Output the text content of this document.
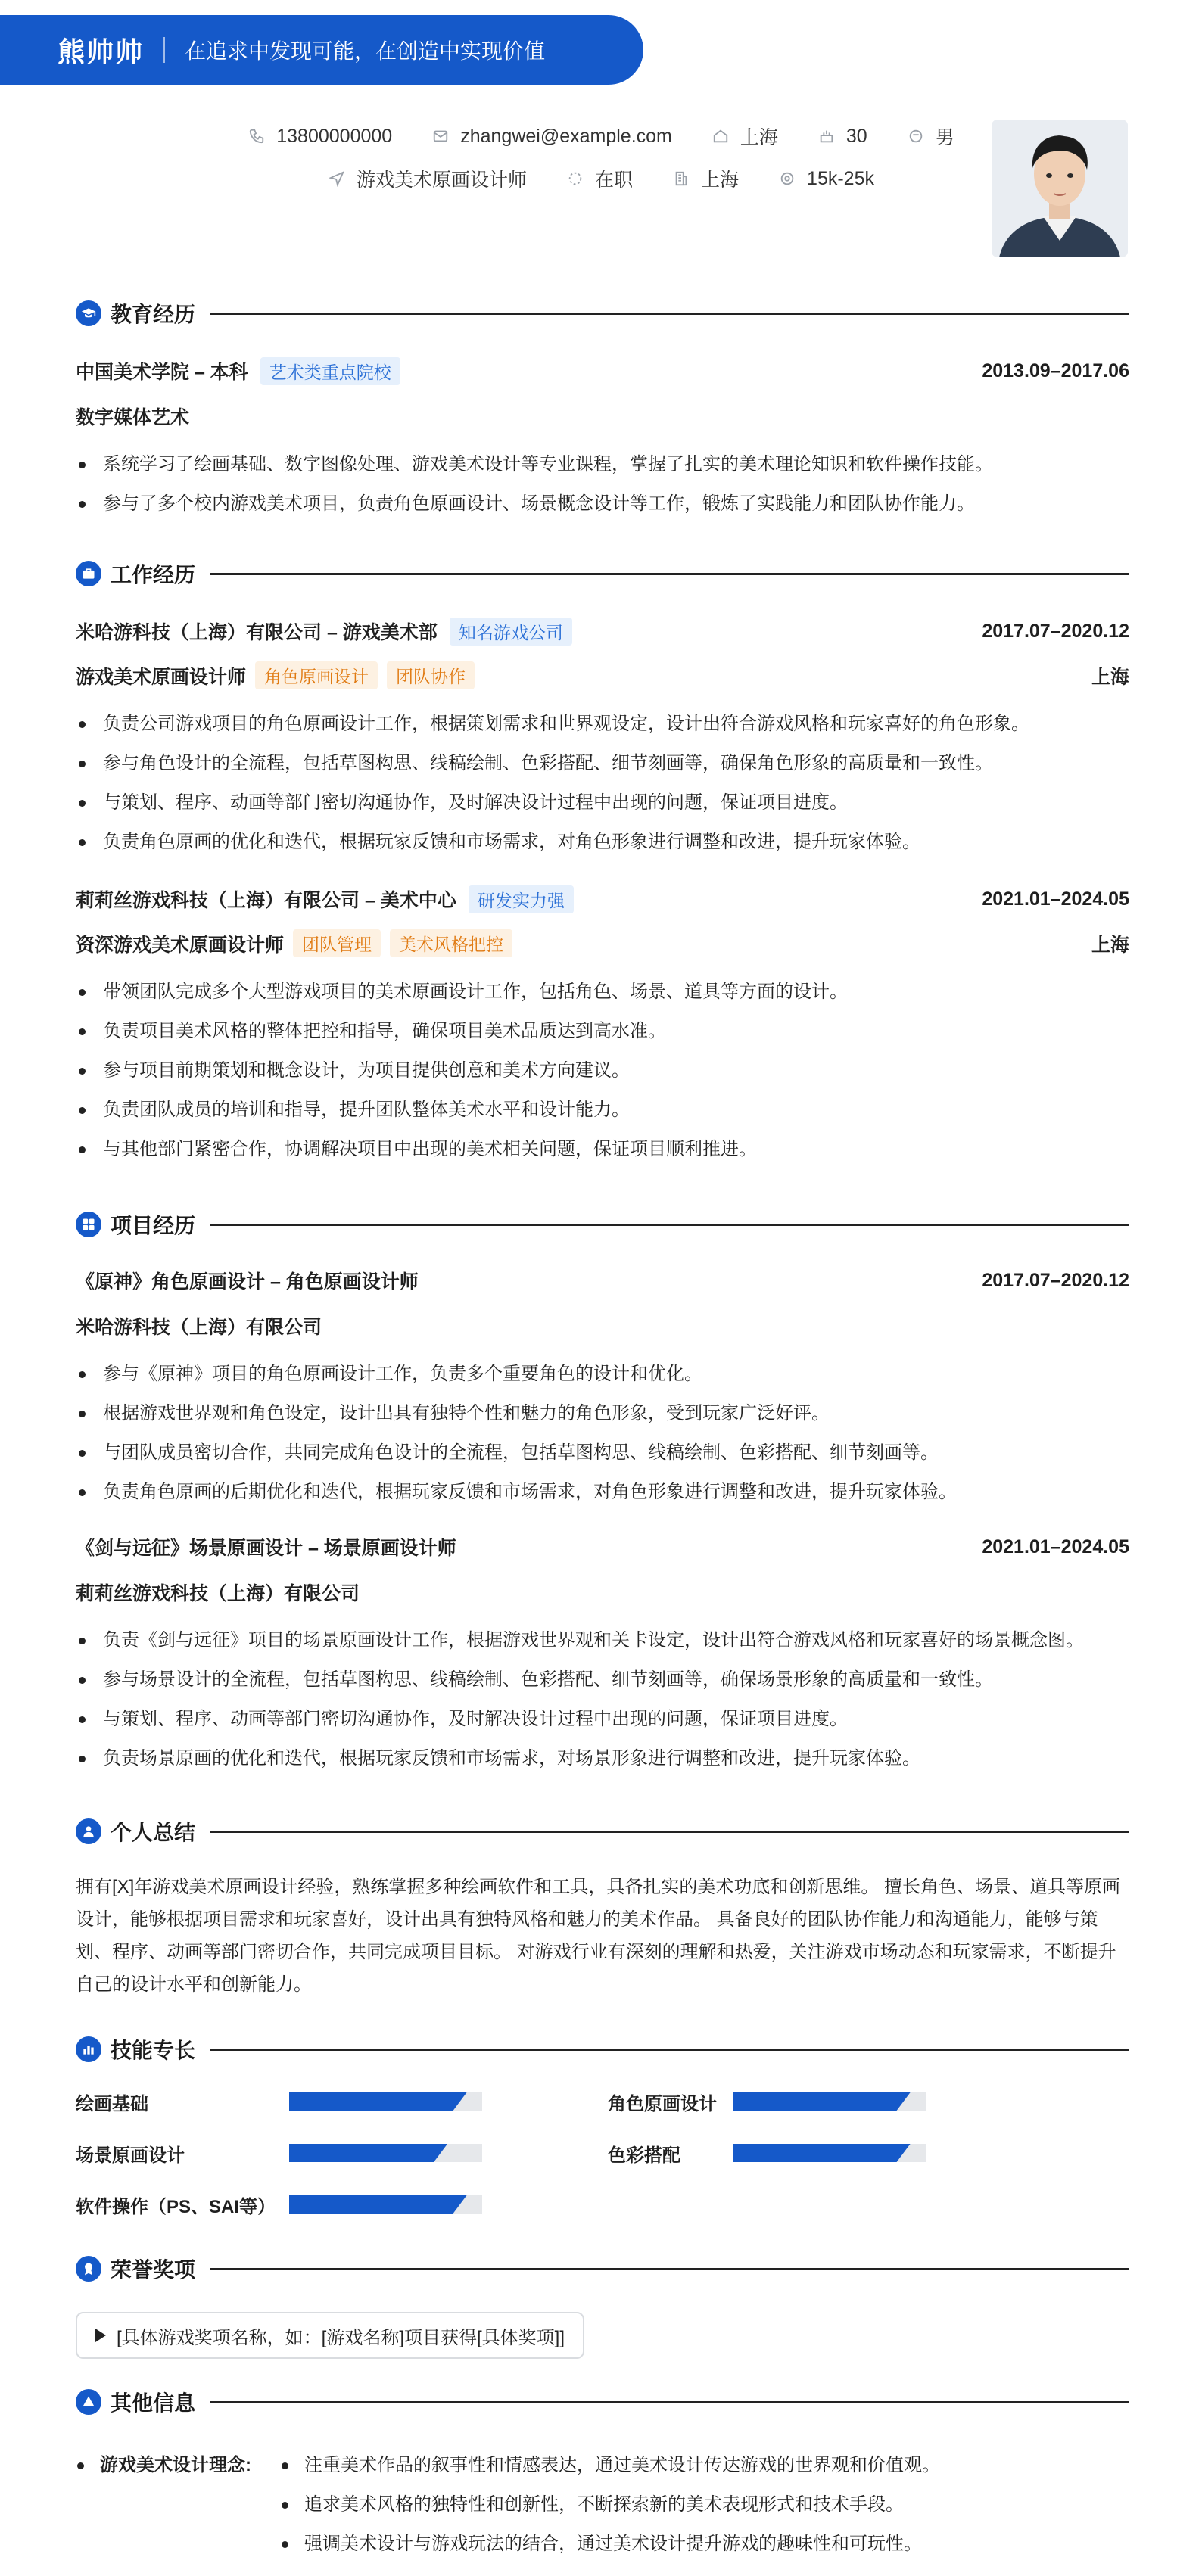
熊帅帅 在追求中发现可能，在创造中实现价值
13800000000	zhangwei@example.com	上海	30	男
游戏美术原画设计师	在职	上海	15k-25k
教育经历
中国美术学院 – 本科	艺术类重点院校	2013.09–2017.06
数字媒体艺术
系统学习了绘画基础、数字图像处理、游戏美术设计等专业课程，掌握了扎实的美术理论知识和软件操作技能。
参与了多个校内游戏美术项目，负责角色原画设计、场景概念设计等工作，锻炼了实践能力和团队协作能力。
工作经历
米哈游科技（上海）有限公司 – 游戏美术部	知名游戏公司	2017.07–2020.12
游戏美术原画设计师	角色原画设计	团队协作	上海
负责公司游戏项目的角色原画设计工作，根据策划需求和世界观设定，设计出符合游戏风格和玩家喜好的角色形象。
参与角色设计的全流程，包括草图构思、线稿绘制、色彩搭配、细节刻画等，确保角色形象的高质量和一致性。
与策划、程序、动画等部门密切沟通协作，及时解决设计过程中出现的问题，保证项目进度。
负责角色原画的优化和迭代，根据玩家反馈和市场需求，对角色形象进行调整和改进，提升玩家体验。
莉莉丝游戏科技（上海）有限公司 – 美术中心	研发实力强	2021.01–2024.05
资深游戏美术原画设计师	团队管理	美术风格把控	上海
带领团队完成多个大型游戏项目的美术原画设计工作，包括角色、场景、道具等方面的设计。
负责项目美术风格的整体把控和指导，确保项目美术品质达到高水准。
参与项目前期策划和概念设计，为项目提供创意和美术方向建议。
负责团队成员的培训和指导，提升团队整体美术水平和设计能力。
与其他部门紧密合作，协调解决项目中出现的美术相关问题，保证项目顺利推进。
项目经历
《原神》角色原画设计 – 角色原画设计师	2017.07–2020.12
米哈游科技（上海）有限公司
参与《原神》项目的角色原画设计工作，负责多个重要角色的设计和优化。
根据游戏世界观和角色设定，设计出具有独特个性和魅力的角色形象，受到玩家广泛好评。
与团队成员密切合作，共同完成角色设计的全流程，包括草图构思、线稿绘制、色彩搭配、细节刻画等。
负责角色原画的后期优化和迭代，根据玩家反馈和市场需求，对角色形象进行调整和改进，提升玩家体验。
《剑与远征》场景原画设计 – 场景原画设计师	2021.01–2024.05
莉莉丝游戏科技（上海）有限公司
负责《剑与远征》项目的场景原画设计工作，根据游戏世界观和关卡设定，设计出符合游戏风格和玩家喜好的场景概念图。
参与场景设计的全流程，包括草图构思、线稿绘制、色彩搭配、细节刻画等，确保场景形象的高质量和一致性。
与策划、程序、动画等部门密切沟通协作，及时解决设计过程中出现的问题，保证项目进度。
负责场景原画的优化和迭代，根据玩家反馈和市场需求，对场景形象进行调整和改进，提升玩家体验。
个人总结
拥有[X]年游戏美术原画设计经验，熟练掌握多种绘画软件和工具，具备扎实的美术功底和创新思维。 擅长角色、场景、道具等原画设计，能够根据项目需求和玩家喜好，设计出具有独特风格和魅力的美术作品。 具备良好的团队协作能力和沟通能力，能够与策划、程序、动画等部门密切合作，共同完成项目目标。 对游戏行业有深刻的理解和热爱，关注游戏市场动态和玩家需求，不断提升自己的设计水平和创新能力。
技能专长
绘画基础	角色原画设计
场景原画设计	色彩搭配
软件操作（PS、SAI等）
荣誉奖项
[具体游戏奖项名称，如：[游戏名称]项目获得[具体奖项]]
其他信息
游戏美术设计理念:	注重美术作品的叙事性和情感表达，通过美术设计传达游戏的世界观和价值观。
追求美术风格的独特性和创新性，不断探索新的美术表现形式和技术手段。
强调美术设计与游戏玩法的结合，通过美术设计提升游戏的趣味性和可玩性。
